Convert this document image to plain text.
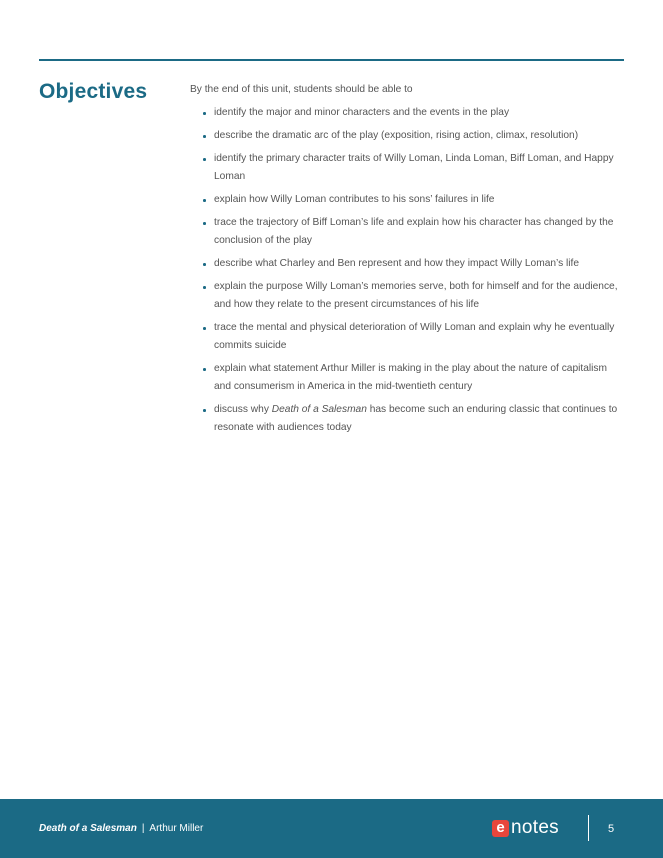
Objectives	By the end of this unit, students should be able to

identify the major and minor characters and the events in the play
describe the dramatic arc of the play (exposition, rising action, climax, resolution)
identify the primary character traits of Willy Loman, Linda Loman, Biff Loman, and Happy Loman
explain how Willy Loman contributes to his sons’ failures in life
trace the trajectory of Biff Loman’s life and explain how his character has changed by the conclusion of the play
describe what Charley and Ben represent and how they impact Willy Loman’s life
explain the purpose Willy Loman’s memories serve, both for himself and for the audience, and how they relate to the present circumstances of his life
trace the mental and physical deterioration of Willy Loman and explain why he eventually commits suicide
explain what statement Arthur Miller is making in the play about the nature of capitalism and consumerism in America in the mid-twentieth century
discuss why Death of a Salesman has become such an enduring classic that continues to resonate with audiences today
Death of a Salesman | Arthur Miller	e notes	5
